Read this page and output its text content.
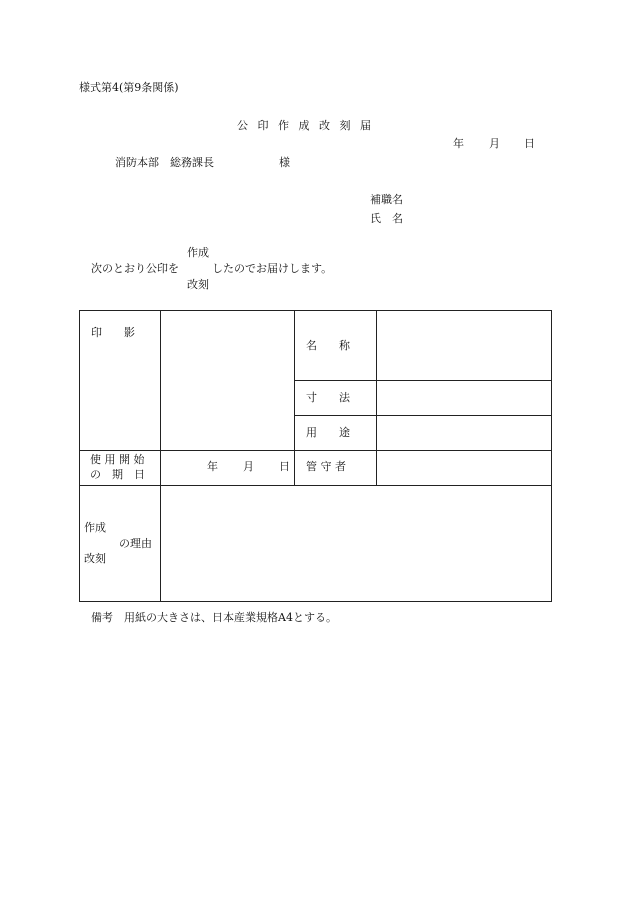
様式第4(第9条関係)
公 印 作 成 改 刻 届
年 月 日
消防本部　総務課長	様
補職名
氏　名
作成
次のとおり公印を	したのでお届けします。
改刻
印　　影
名　　称
寸　　法
用　　途
使 用 開 始
の　期　日
年 月 日 管 守 者
作成
の理由
改刻
備考　用紙の大きさは、日本産業規格A4とする。
